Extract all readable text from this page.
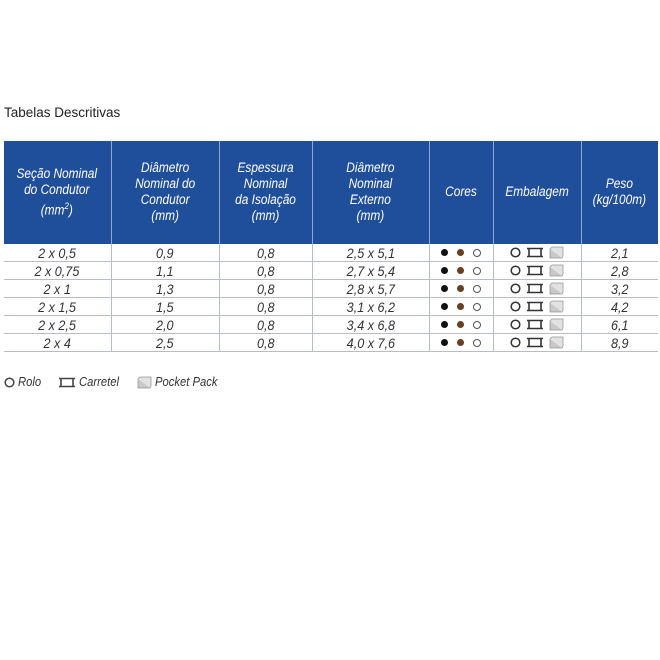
Tabelas Descritivas
Seção Nominal
do Condutor
$(mm^2)$	Diâmetro
Nominal do
Condutor
(mm)	Espessura
Nominal
da Isolação
(mm)	Diâmetro
Nominal
Externo
(mm)	Cores	Embalagem	Peso
(kg/100m)
2 x 0,5	0,9	0,8	2,5 x 5,1			2,1
2 x 0,75	1,1	0,8	2,7 x 5,4			2,8
2 x 1	1,3	0,8	2,8 x 5,7			3,2
2 x 1,5	1,5	0,8	3,1 x 6,2			4,2
2 x 2,5	2,0	0,8	3,4 x 6,8			6,1
2 x 4	2,5	0,8	4,0 x 7,6			8,9
Rolo	Carretel	Pocket Pack
